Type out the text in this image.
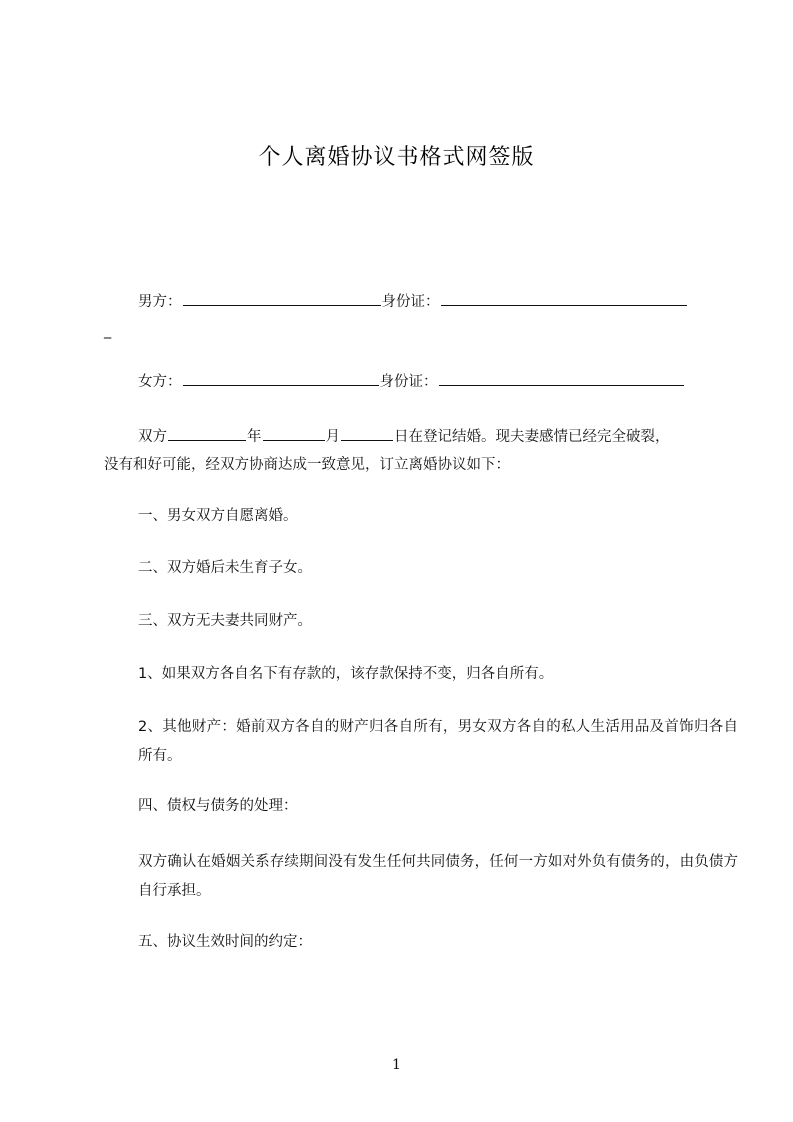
个人离婚协议书格式网签版
男方：	身份证：
_
女方：	身份证：
双方	年	月	日在登记结婚。现夫妻感情已经完全破裂，
没有和好可能，经双方协商达成一致意见，订立离婚协议如下：
一、男女双方自愿离婚。
二、双方婚后未生育子女。
三、双方无夫妻共同财产。
1、如果双方各自名下有存款的，该存款保持不变，归各自所有。
2、其他财产：婚前双方各自的财产归各自所有，男女双方各自的私人生活用品及首饰归各自所有。
四、债权与债务的处理：
双方确认在婚姻关系存续期间没有发生任何共同债务，任何一方如对外负有债务的，由负债方自行承担。
五、协议生效时间的约定：
1
